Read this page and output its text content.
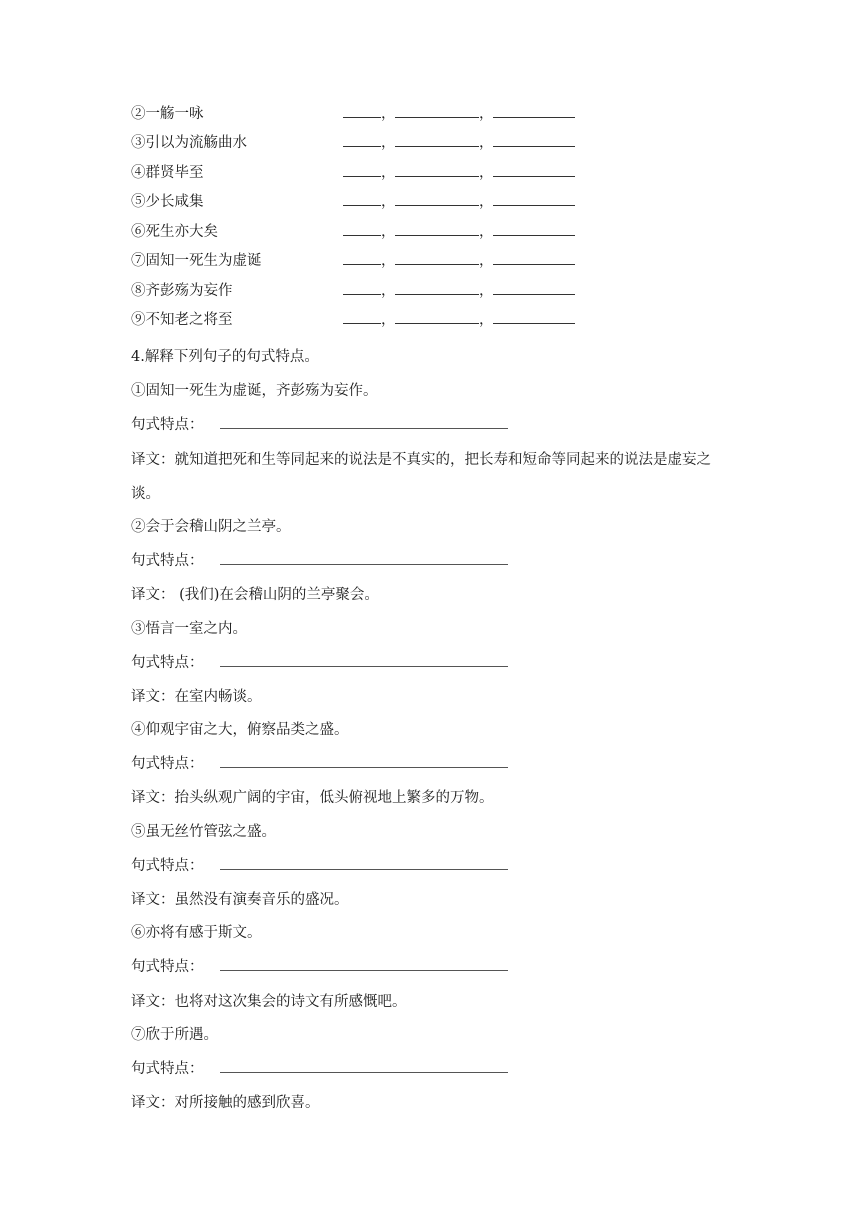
②一觞一咏	，	，
③引以为流觞曲水	，	，
④群贤毕至	，	，
⑤少长咸集	，	，
⑥死生亦大矣	，	，
⑦固知一死生为虚诞	，	，
⑧齐彭殇为妄作	，	，
⑨不知老之将至	，	，
4.解释下列句子的句式特点。
①固知一死生为虚诞，齐彭殇为妄作。
句式特点：
译文：就知道把死和生等同起来的说法是不真实的，把长寿和短命等同起来的说法是虚妄之
谈。
②会于会稽山阴之兰亭。
句式特点：
译文： (我们)在会稽山阴的兰亭聚会。
③悟言一室之内。
句式特点：
译文：在室内畅谈。
④仰观宇宙之大，俯察品类之盛。
句式特点：
译文：抬头纵观广阔的宇宙，低头俯视地上繁多的万物。
⑤虽无丝竹管弦之盛。
句式特点：
译文：虽然没有演奏音乐的盛况。
⑥亦将有感于斯文。
句式特点：
译文：也将对这次集会的诗文有所感慨吧。
⑦欣于所遇。
句式特点：
译文：对所接触的感到欣喜。
